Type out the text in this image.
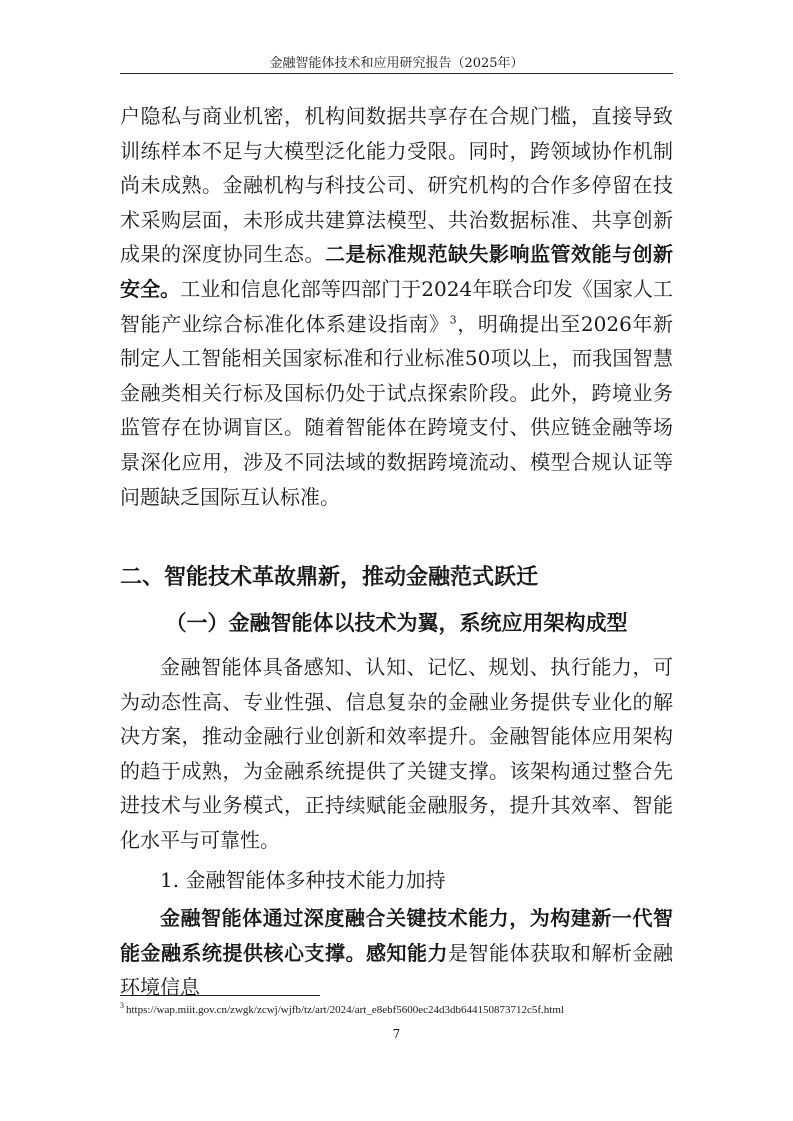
金融智能体技术和应用研究报告（2025年）
户隐私与商业机密，机构间数据共享存在合规门槛，直接导致训练样本不足与大模型泛化能力受限。同时，跨领域协作机制尚未成熟。金融机构与科技公司、研究机构的合作多停留在技术采购层面，未形成共建算法模型、共治数据标准、共享创新成果的深度协同生态。二是标准规范缺失影响监管效能与创新安全。工业和信息化部等四部门于2024年联合印发《国家人工智能产业综合标准化体系建设指南》$^3$，明确提出至2026年新制定人工智能相关国家标准和行业标准50项以上，而我国智慧金融类相关行标及国标仍处于试点探索阶段。此外，跨境业务监管存在协调盲区。随着智能体在跨境支付、供应链金融等场景深化应用，涉及不同法域的数据跨境流动、模型合规认证等问题缺乏国际互认标准。
二、智能技术革故鼎新，推动金融范式跃迁
（一）金融智能体以技术为翼，系统应用架构成型
金融智能体具备感知、认知、记忆、规划、执行能力，可为动态性高、专业性强、信息复杂的金融业务提供专业化的解决方案，推动金融行业创新和效率提升。金融智能体应用架构的趋于成熟，为金融系统提供了关键支撑。该架构通过整合先进技术与业务模式，正持续赋能金融服务，提升其效率、智能化水平与可靠性。
1. 金融智能体多种技术能力加持
金融智能体通过深度融合关键技术能力，为构建新一代智能金融系统提供核心支撑。感知能力是智能体获取和解析金融环境信息
$^3$ https://wap.miit.gov.cn/zwgk/zcwj/wjfb/tz/art/2024/art_e8ebf5600ec24d3db644150873712c5f.html
7
